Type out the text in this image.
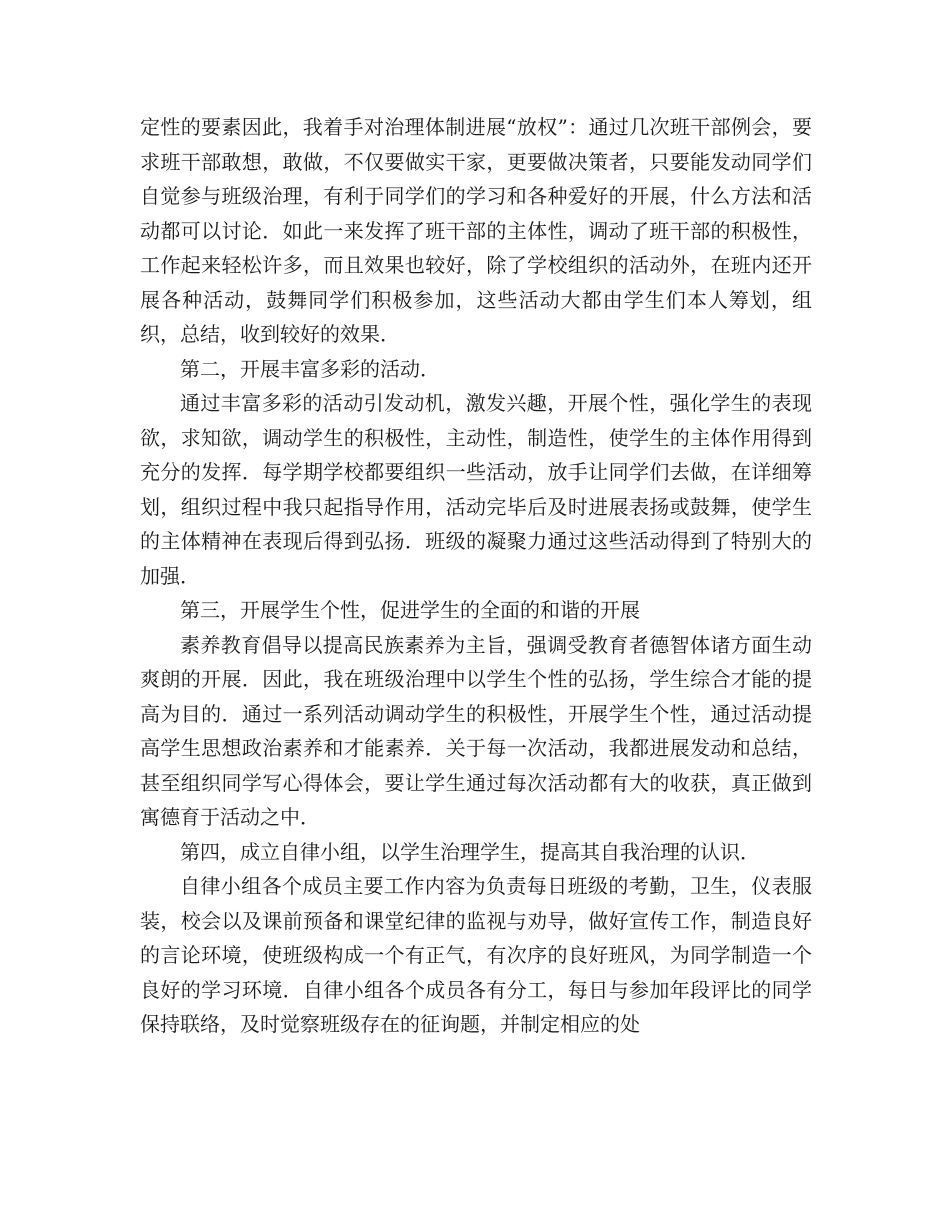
定性的要素因此，我着手对治理体制进展“放权”：通过几次班干部例会，要求班干部敢想，敢做，不仅要做实干家，更要做决策者，只要能发动同学们自觉参与班级治理，有利于同学们的学习和各种爱好的开展，什么方法和活动都可以讨论．如此一来发挥了班干部的主体性，调动了班干部的积极性，工作起来轻松许多，而且效果也较好，除了学校组织的活动外，在班内还开展各种活动，鼓舞同学们积极参加，这些活动大都由学生们本人筹划，组织，总结，收到较好的效果．

第二，开展丰富多彩的活动．

通过丰富多彩的活动引发动机，激发兴趣，开展个性，强化学生的表现欲，求知欲，调动学生的积极性，主动性，制造性，使学生的主体作用得到充分的发挥．每学期学校都要组织一些活动，放手让同学们去做，在详细筹划，组织过程中我只起指导作用，活动完毕后及时进展表扬或鼓舞，使学生的主体精神在表现后得到弘扬．班级的凝聚力通过这些活动得到了特别大的加强．

第三，开展学生个性，促进学生的全面的和谐的开展

素养教育倡导以提高民族素养为主旨，强调受教育者德智体诸方面生动爽朗的开展．因此，我在班级治理中以学生个性的弘扬，学生综合才能的提高为目的．通过一系列活动调动学生的积极性，开展学生个性，通过活动提高学生思想政治素养和才能素养．关于每一次活动，我都进展发动和总结，甚至组织同学写心得体会，要让学生通过每次活动都有大的收获，真正做到寓德育于活动之中．

第四，成立自律小组，以学生治理学生，提高其自我治理的认识．

自律小组各个成员主要工作内容为负责每日班级的考勤，卫生，仪表服装，校会以及课前预备和课堂纪律的监视与劝导，做好宣传工作，制造良好的言论环境，使班级构成一个有正气，有次序的良好班风，为同学制造一个良好的学习环境．自律小组各个成员各有分工，每日与参加年段评比的同学保持联络，及时觉察班级存在的征询题，并制定相应的处
